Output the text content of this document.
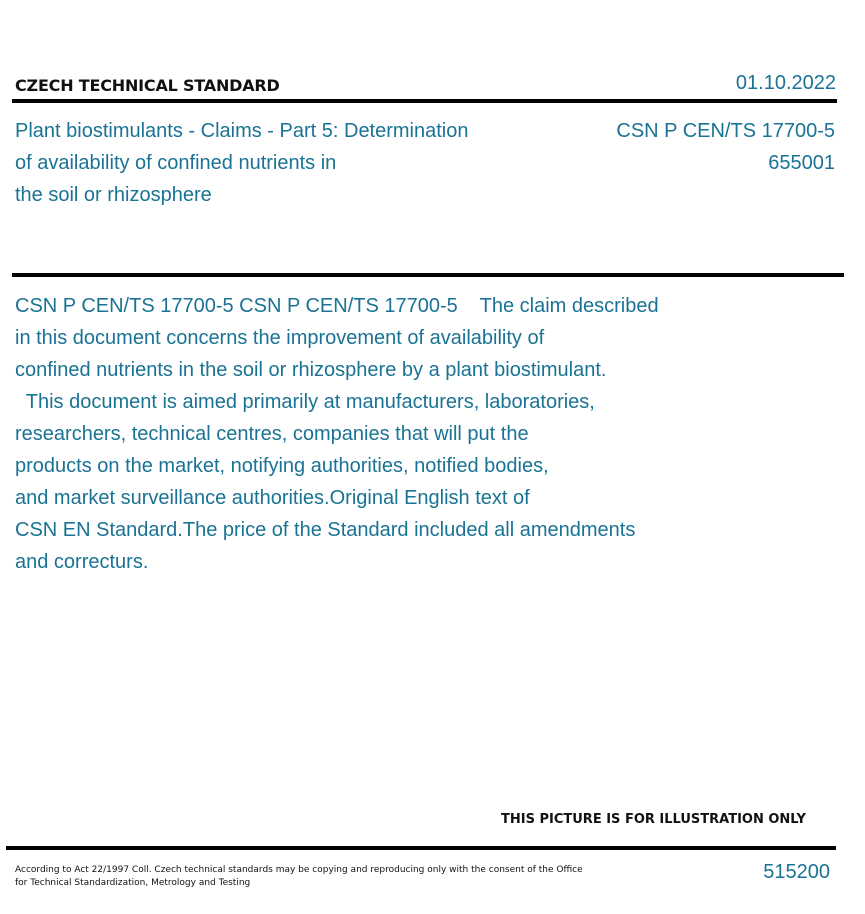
CZECH TECHNICAL STANDARD	01.10.2022
Plant biostimulants - Claims - Part 5: Determination
of availability of confined nutrients in
the soil or rhizosphere
CSN P CEN/TS 17700-5
655001
CSN P CEN/TS 17700-5 CSN P CEN/TS 17700-5    The claim described
in this document concerns the improvement of availability of
confined nutrients in the soil or rhizosphere by a plant biostimulant.
This document is aimed primarily at manufacturers, laboratories,
researchers, technical centres, companies that will put the
products on the market, notifying authorities, notified bodies,
and market surveillance authorities.Original English text of
CSN EN Standard.The price of the Standard included all amendments
and correcturs.
THIS PICTURE IS FOR ILLUSTRATION ONLY
According to Act 22/1997 Coll. Czech technical standards may be copying and reproducing only with the consent of the Office
for Technical Standardization, Metrology and Testing	515200
